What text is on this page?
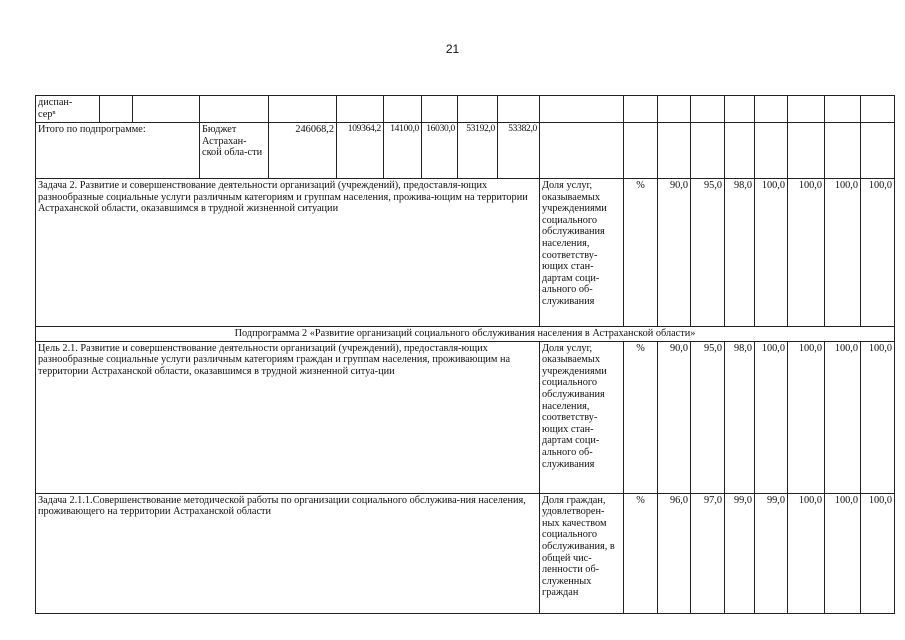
21
диспан-
серⁿ																		
Итого по подпрограмме:			Бюджет Астрахан-ской обла-сти	246068,2	109364,2	14100,0	16030,0	53192,0	53382,0									
Задача 2. Развитие и совершенствование деятельности организаций (учреждений), предоставля-ющих разнообразные социальные услуги различным категориям и группам населения, прожива-ющим на территории Астраханской области, оказавшимся в трудной жизненной ситуации										Доля услуг, оказываемых учреждениями социального обслуживания населения, соответству-ющих стан-дартам соци-ального об-служивания	%	90,0	95,0	98,0	100,0	100,0	100,0	100,0
Подпрограмма 2 «Развитие организаций социального обслуживания населения в Астраханской области»																		
Цель 2.1. Развитие и совершенствование деятельности организаций (учреждений), предоставля-ющих разнообразные социальные услуги различным категориям граждан и группам населения, проживающим на территории Астраханской области, оказавшимся в трудной жизненной ситуа-ции										Доля услуг, оказываемых учреждениями социального обслуживания населения, соответству-ющих стан-дартам соци-ального об-служивания	%	90,0	95,0	98,0	100,0	100,0	100,0	100,0
Задача 2.1.1.Совершенствование методической работы по организации социального обслужива-ния населения, проживающего на территории Астраханской области										Доля граждан, удовлетворен-ных качеством социального обслуживания, в общей чис-ленности об-служенных граждан	%	96,0	97,0	99,0	99,0	100,0	100,0	100,0
